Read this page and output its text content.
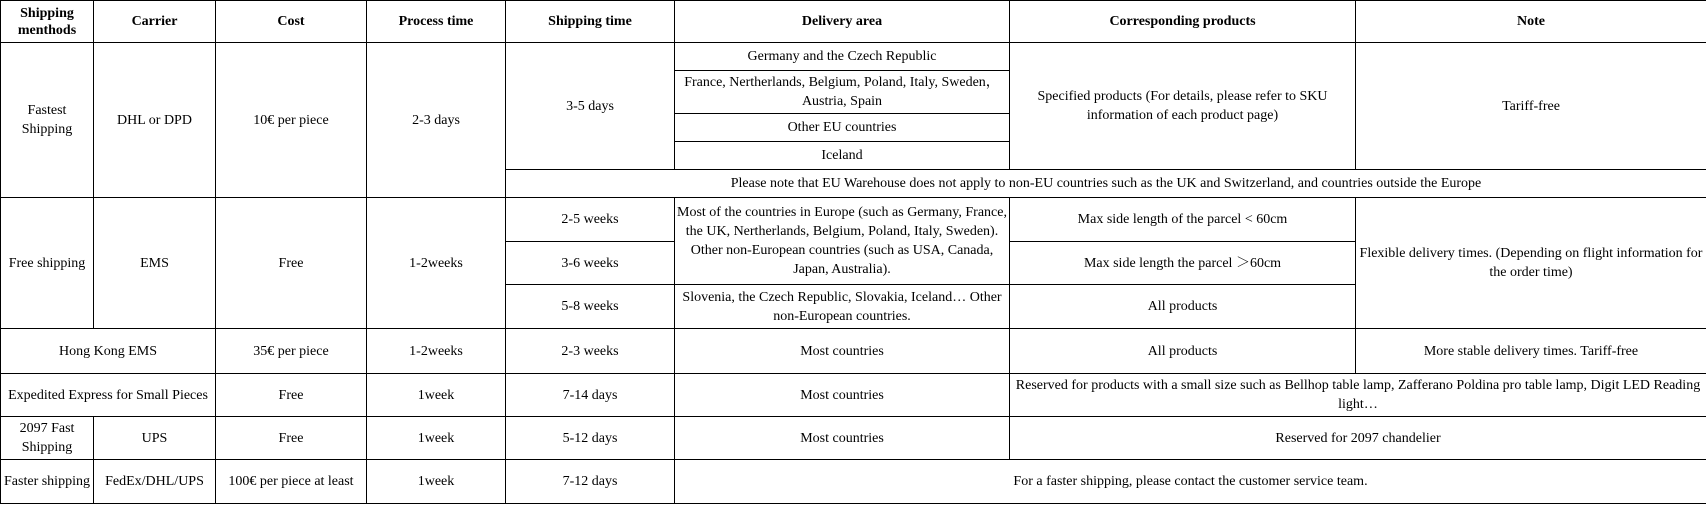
Shipping menthods	Carrier	Cost	Process time	Shipping time	Delivery area	Corresponding products	Note
Fastest Shipping	DHL or DPD	10€ per piece	2-3 days	3-5 days	Germany and the Czech Republic	Specified products (For details, please refer to SKU information of each product page)	Tariff-free
					France, Nertherlands, Belgium, Poland, Italy, Sweden， Austria, Spain		
					Other EU countries		
					Iceland		
				Please note that EU Warehouse does not apply to non-EU countries such as the UK and Switzerland, and countries outside the Europe			
Free shipping	EMS	Free	1-2weeks	2-5 weeks	Most of the countries in Europe (such as Germany, France, the UK, Nertherlands, Belgium, Poland, Italy, Sweden). Other non-European countries (such as USA, Canada, Japan, Australia).	Max side length of the parcel < 60cm	Flexible delivery times. (Depending on flight information for the order time)
				3-6 weeks		Max side length the parcel ＞60cm	
				5-8 weeks	Slovenia, the Czech Republic, Slovakia, Iceland… Other non-European countries.	All products	
Hong Kong EMS		35€ per piece	1-2weeks	2-3 weeks	Most countries	All products	More stable delivery times. Tariff-free
Expedited Express for Small Pieces		Free	1week	7-14 days	Most countries	Reserved for products with a small size such as Bellhop table lamp, Zafferano Poldina pro table lamp, Digit LED Reading light…	
2097 Fast Shipping	UPS	Free	1week	5-12 days	Most countries	Reserved for 2097 chandelier	
Faster shipping	FedEx/DHL/UPS	100€ per piece at least	1week	7-12 days	For a faster shipping, please contact the customer service team.		
